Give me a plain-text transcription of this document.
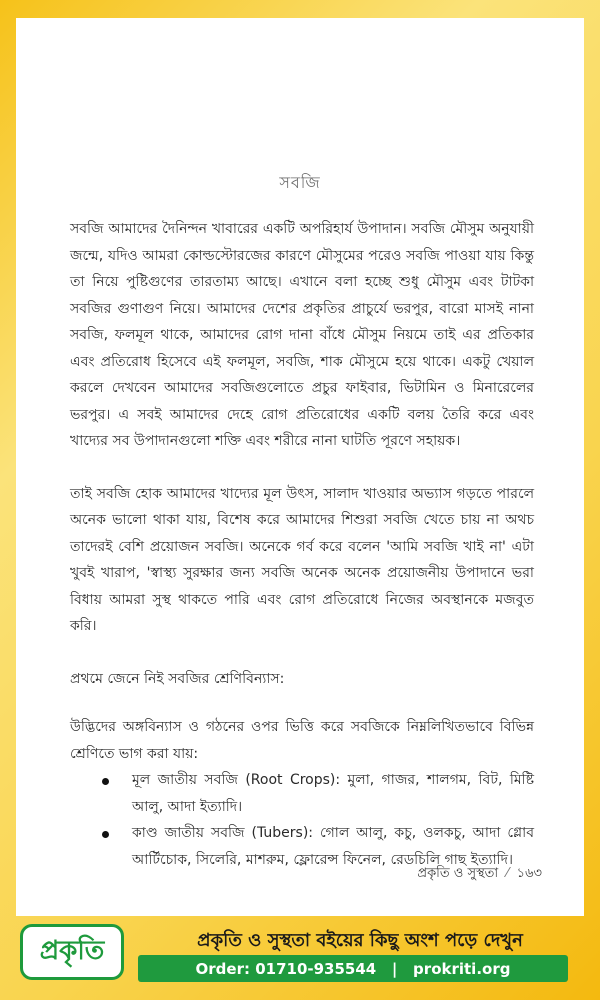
সবজি

সবজি আমাদের দৈনিন্দন খাবারের একটি অপরিহার্য উপাদান। সবজি মৌসুম অনুযায়ী জন্মে, যদিও আমরা কোল্ডস্টোরজের কারণে মৌসুমের পরেও সবজি পাওয়া যায় কিন্তু তা নিয়ে পুষ্টিগুণের তারতাম্য আছে। এখানে বলা হচ্ছে শুধু মৌসুম এবং টাটকা সবজির গুণাগুণ নিয়ে। আমাদের দেশের প্রকৃতির প্রাচুর্যে ভরপুর, বারো মাসই নানা সবজি, ফলমূল থাকে, আমাদের রোগ দানা বাঁধে মৌসুম নিয়মে তাই এর প্রতিকার এবং প্রতিরোধ হিসেবে এই ফলমূল, সবজি, শাক মৌসুমে হয়ে থাকে। একটু খেয়াল করলে দেখবেন আমাদের সবজিগুলোতে প্রচুর ফাইবার, ভিটামিন ও মিনারেলের ভরপুর। এ সবই আমাদের দেহে রোগ প্রতিরোধের একটি বলয় তৈরি করে এবং খাদ্যের সব উপাদানগুলো শক্তি এবং শরীরে নানা ঘাটতি পূরণে সহায়ক।

তাই সবজি হোক আমাদের খাদ্যের মূল উৎস, সালাদ খাওয়ার অভ্যাস গড়তে পারলে অনেক ভালো থাকা যায়, বিশেষ করে আমাদের শিশুরা সবজি খেতে চায় না অথচ তাদেরই বেশি প্রয়োজন সবজি। অনেকে গর্ব করে বলেন 'আমি সবজি খাই না' এটা খুবই খারাপ, 'স্বাস্থ্য সুরক্ষার জন্য সবজি অনেক অনেক প্রয়োজনীয় উপাদানে ভরা বিধায় আমরা সুস্থ থাকতে পারি এবং রোগ প্রতিরোধে নিজের অবস্থানকে মজবুত করি।

প্রথমে জেনে নিই সবজির শ্রেণিবিন্যাস:

উদ্ভিদের অঙ্গবিন্যাস ও গঠনের ওপর ভিত্তি করে সবজিকে নিম্নলিখিতভাবে বিভিন্ন শ্রেণিতে ভাগ করা যায়:

মূল জাতীয় সবজি (Root Crops): মুলা, গাজর, শালগম, বিট, মিষ্টি আলু, আদা ইত্যাদি।
কাণ্ড জাতীয় সবজি (Tubers): গোল আলু, কচু, ওলকচু, আদা গ্লোব আর্টিচোক, সিলেরি, মাশরুম, ফ্লোরেন্স ফিনেল, রেডচিলি গাছ ইত্যাদি।
প্রকৃতি ও সুস্থতা ⁄ ১৬৩
প্রকৃতি	প্রকৃতি ও সুস্থতা বইয়ের কিছু অংশ পড়ে দেখুন
Order: 01710-935544   |   prokriti.org
